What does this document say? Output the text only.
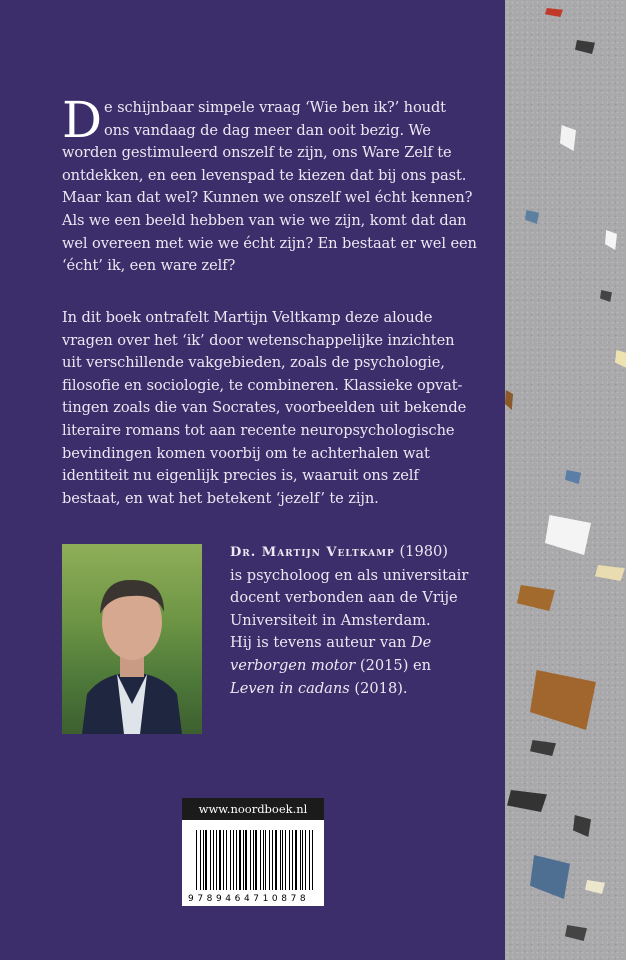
D e schijnbaar simpele vraag ‘Wie ben ik?’ houdt
ons vandaag de dag meer dan ooit bezig. We
worden gestimuleerd onszelf te zijn, ons Ware Zelf te
ontdekken, en een levenspad te kiezen dat bij ons past.
Maar kan dat wel? Kunnen we onszelf wel écht kennen?
Als we een beeld hebben van wie we zijn, komt dat dan
wel overeen met wie we écht zijn? En bestaat er wel een
‘écht’ ik, een ware zelf?
In dit boek ontrafelt Martijn Veltkamp deze aloude
vragen over het ‘ik’ door wetenschappelijke inzichten
uit verschillende vakgebieden, zoals de psychologie,
filosofie en sociologie, te combineren. Klassieke opvat-
tingen zoals die van Socrates, voorbeelden uit bekende
literaire romans tot aan recente neuropsychologische
bevindingen komen voorbij om te achterhalen wat
identiteit nu eigenlijk precies is, waaruit ons zelf
bestaat, en wat het betekent ‘jezelf’ te zijn.
Dr. Martijn Veltkamp (1980)
is psycholoog en als universitair
docent verbonden aan de Vrije
Universiteit in Amsterdam.
Hij is tevens auteur van De
verborgen motor (2015) en
Leven in cadans (2018).
www.noordboek.nl
9789464710878
